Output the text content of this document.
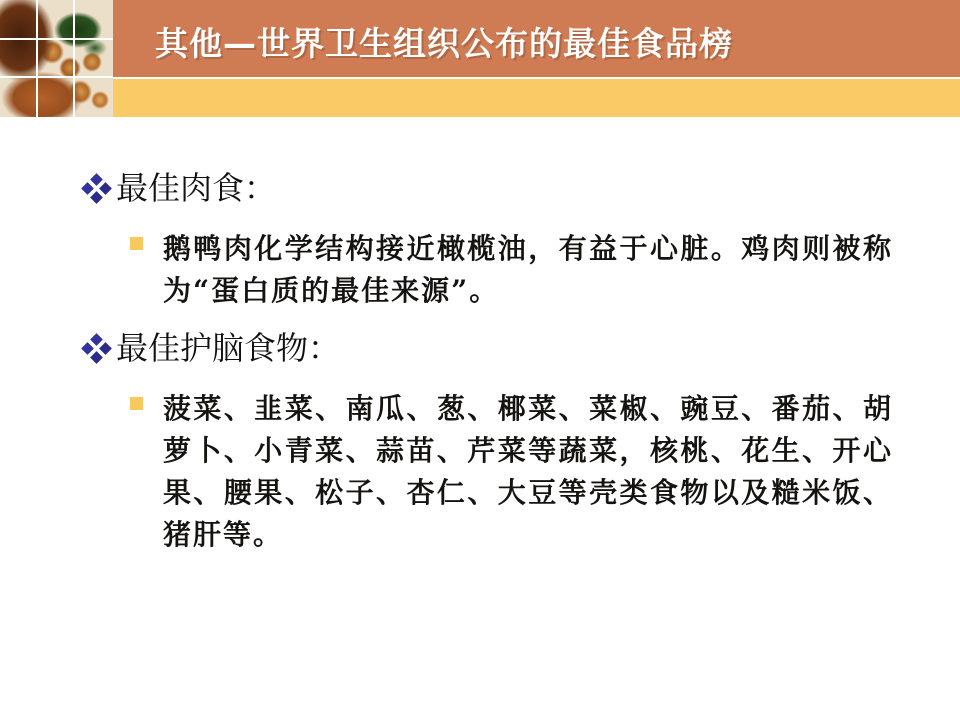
其他—世界卫生组织公布的最佳食品榜
最佳肉食：
鹅鸭肉化学结构接近橄榄油，有益于心脏。鸡肉则被称为“蛋白质的最佳来源”。
最佳护脑食物：
菠菜、韭菜、南瓜、葱、椰菜、菜椒、豌豆、番茄、胡萝卜、小青菜、蒜苗、芹菜等蔬菜，核桃、花生、开心果、腰果、松子、杏仁、大豆等壳类食物以及糙米饭、猪肝等。
